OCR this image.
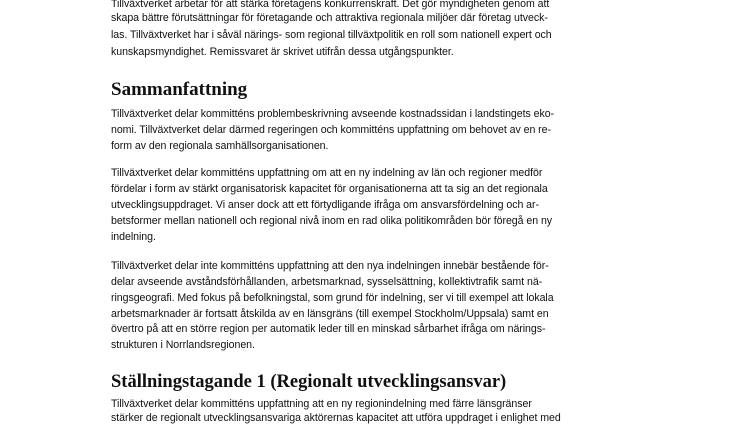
Tillväxtverket arbetar för att stärka företagens konkurrenskraft. Det gör myndigheten genom att
skapa bättre förutsättningar för företagande och attraktiva regionala miljöer där företag utveck-
las. Tillväxtverket har i såväl närings- som regional tillväxtpolitik en roll som nationell expert och
kunskapsmyndighet. Remissvaret är skrivet utifrån dessa utgångspunkter.
Sammanfattning
Tillväxtverket delar kommitténs problembeskrivning avseende kostnadssidan i landstingets eko-
nomi. Tillväxtverket delar därmed regeringen och kommitténs uppfattning om behovet av en re-
form av den regionala samhällsorganisationen.
Tillväxtverket delar kommitténs uppfattning om att en ny indelning av län och regioner medför
fördelar i form av stärkt organisatorisk kapacitet för organisationerna att ta sig an det regionala
utvecklingsuppdraget. Vi anser dock att ett förtydligande ifråga om ansvarsfördelning och ar-
betsformer mellan nationell och regional nivå inom en rad olika politikområden bör föregå en ny
indelning.
Tillväxtverket delar inte kommitténs uppfattning att den nya indelningen innebär bestående för-
delar avseende avståndsförhållanden, arbetsmarknad, sysselsättning, kollektivtrafik samt nä-
ringsgeografi. Med fokus på befolkningstal, som grund för indelning, ser vi till exempel att lokala
arbetsmarknader är fortsatt åtskilda av en länsgräns (till exempel Stockholm/Uppsala) samt en
övertro på att en större region per automatik leder till en minskad sårbarhet ifråga om närings-
strukturen i Norrlandsregionen.
Ställningstagande 1 (Regionalt utvecklingsansvar)
Tillväxtverket delar kommitténs uppfattning att en ny regionindelning med färre länsgränser
stärker de regionalt utvecklingsansvariga aktörernas kapacitet att utföra uppdraget i enlighet med
